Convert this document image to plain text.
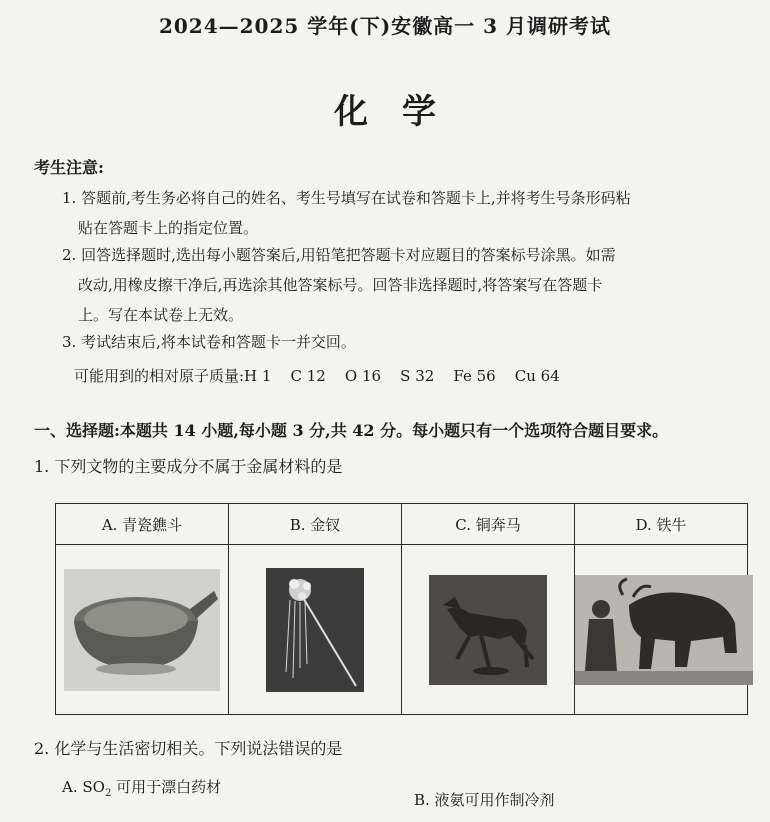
2024—2025 学年(下)安徽高一 3 月调研考试
化学
考生注意:
1. 答题前,考生务必将自己的姓名、考生号填写在试卷和答题卡上,并将考生号条形码粘
贴在答题卡上的指定位置。
2. 回答选择题时,选出每小题答案后,用铅笔把答题卡对应题目的答案标号涂黑。如需
改动,用橡皮擦干净后,再选涂其他答案标号。回答非选择题时,将答案写在答题卡
上。写在本试卷上无效。
3. 考试结束后,将本试卷和答题卡一并交回。
可能用到的相对原子质量:H 1    C 12    O 16    S 32    Fe 56    Cu 64
一、选择题:本题共 14 小题,每小题 3 分,共 42 分。每小题只有一个选项符合题目要求。
1. 下列文物的主要成分不属于金属材料的是
A. 青瓷鐎斗	B. 金钗	C. 铜奔马	D. 铁牛

2. 化学与生活密切相关。下列说法错误的是
A. $SO_2$ 可用于漂白药材
B. 液氨可用作制冷剂
